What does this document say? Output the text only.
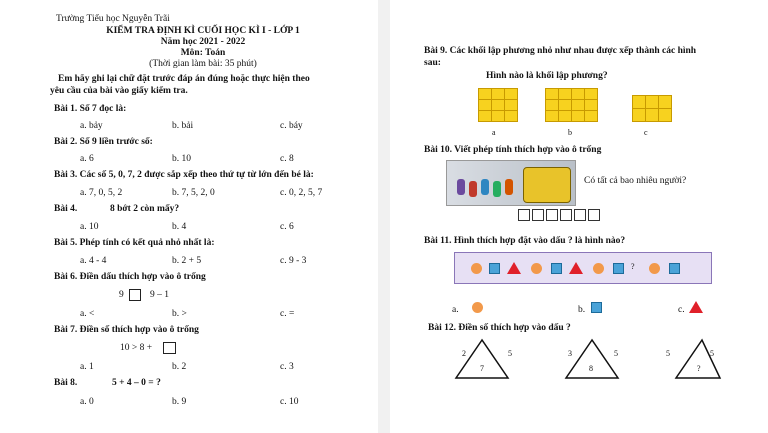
Trường Tiểu học Nguyễn Trãi
KIỂM TRA ĐỊNH KÌ CUỐI HỌC KÌ I - LỚP 1
Năm học 2021 - 2022
Môn: Toán
(Thời gian làm bài: 35 phút)
Em hãy ghi lại chữ đặt trước đáp án đúng hoặc thực hiện theo
yêu cầu của bài vào giấy kiểm tra.
Bài 1. Số 7 đọc là:
a. bảy	b. bải	c. báy
Bài 2. Số 9 liền trước số:
a. 6	b. 10	c. 8
Bài 3. Các số 5, 0, 7, 2 được sắp xếp theo thứ tự từ lớn đến bé là:
a. 7, 0, 5, 2	b. 7, 5, 2, 0	c. 0, 2, 5, 7
Bài 4.	8 bớt 2 còn mấy?
a. 10	b. 4	c. 6
Bài 5. Phép tính có kết quả nhỏ nhất là:
a. 4 - 4	b. 2 + 5	c. 9 - 3
Bài 6. Điền dấu thích hợp vào ô trống
9	9 – 1
a. <	b. >	c. =
Bài 7. Điền số thích hợp vào ô trống
10 > 8 +
a. 1	b. 2	c. 3
Bài 8.	5 + 4 – 0 = ?
a. 0	b. 9	c. 10
Bài 9. Các khối lập phương nhỏ như nhau được xếp thành các hình
sau:
Hình nào là khối lập phương?
a	b	c
Bài 10. Viết phép tính thích hợp vào ô trống
Có tất cả bao nhiêu người?
Bài 11. Hình thích hợp đặt vào dấu ? là hình nào?
?
a.	b.	c.
Bài 12. Điền số thích hợp vào dấu ?
2	5
7
3	5
8
5	5
?
